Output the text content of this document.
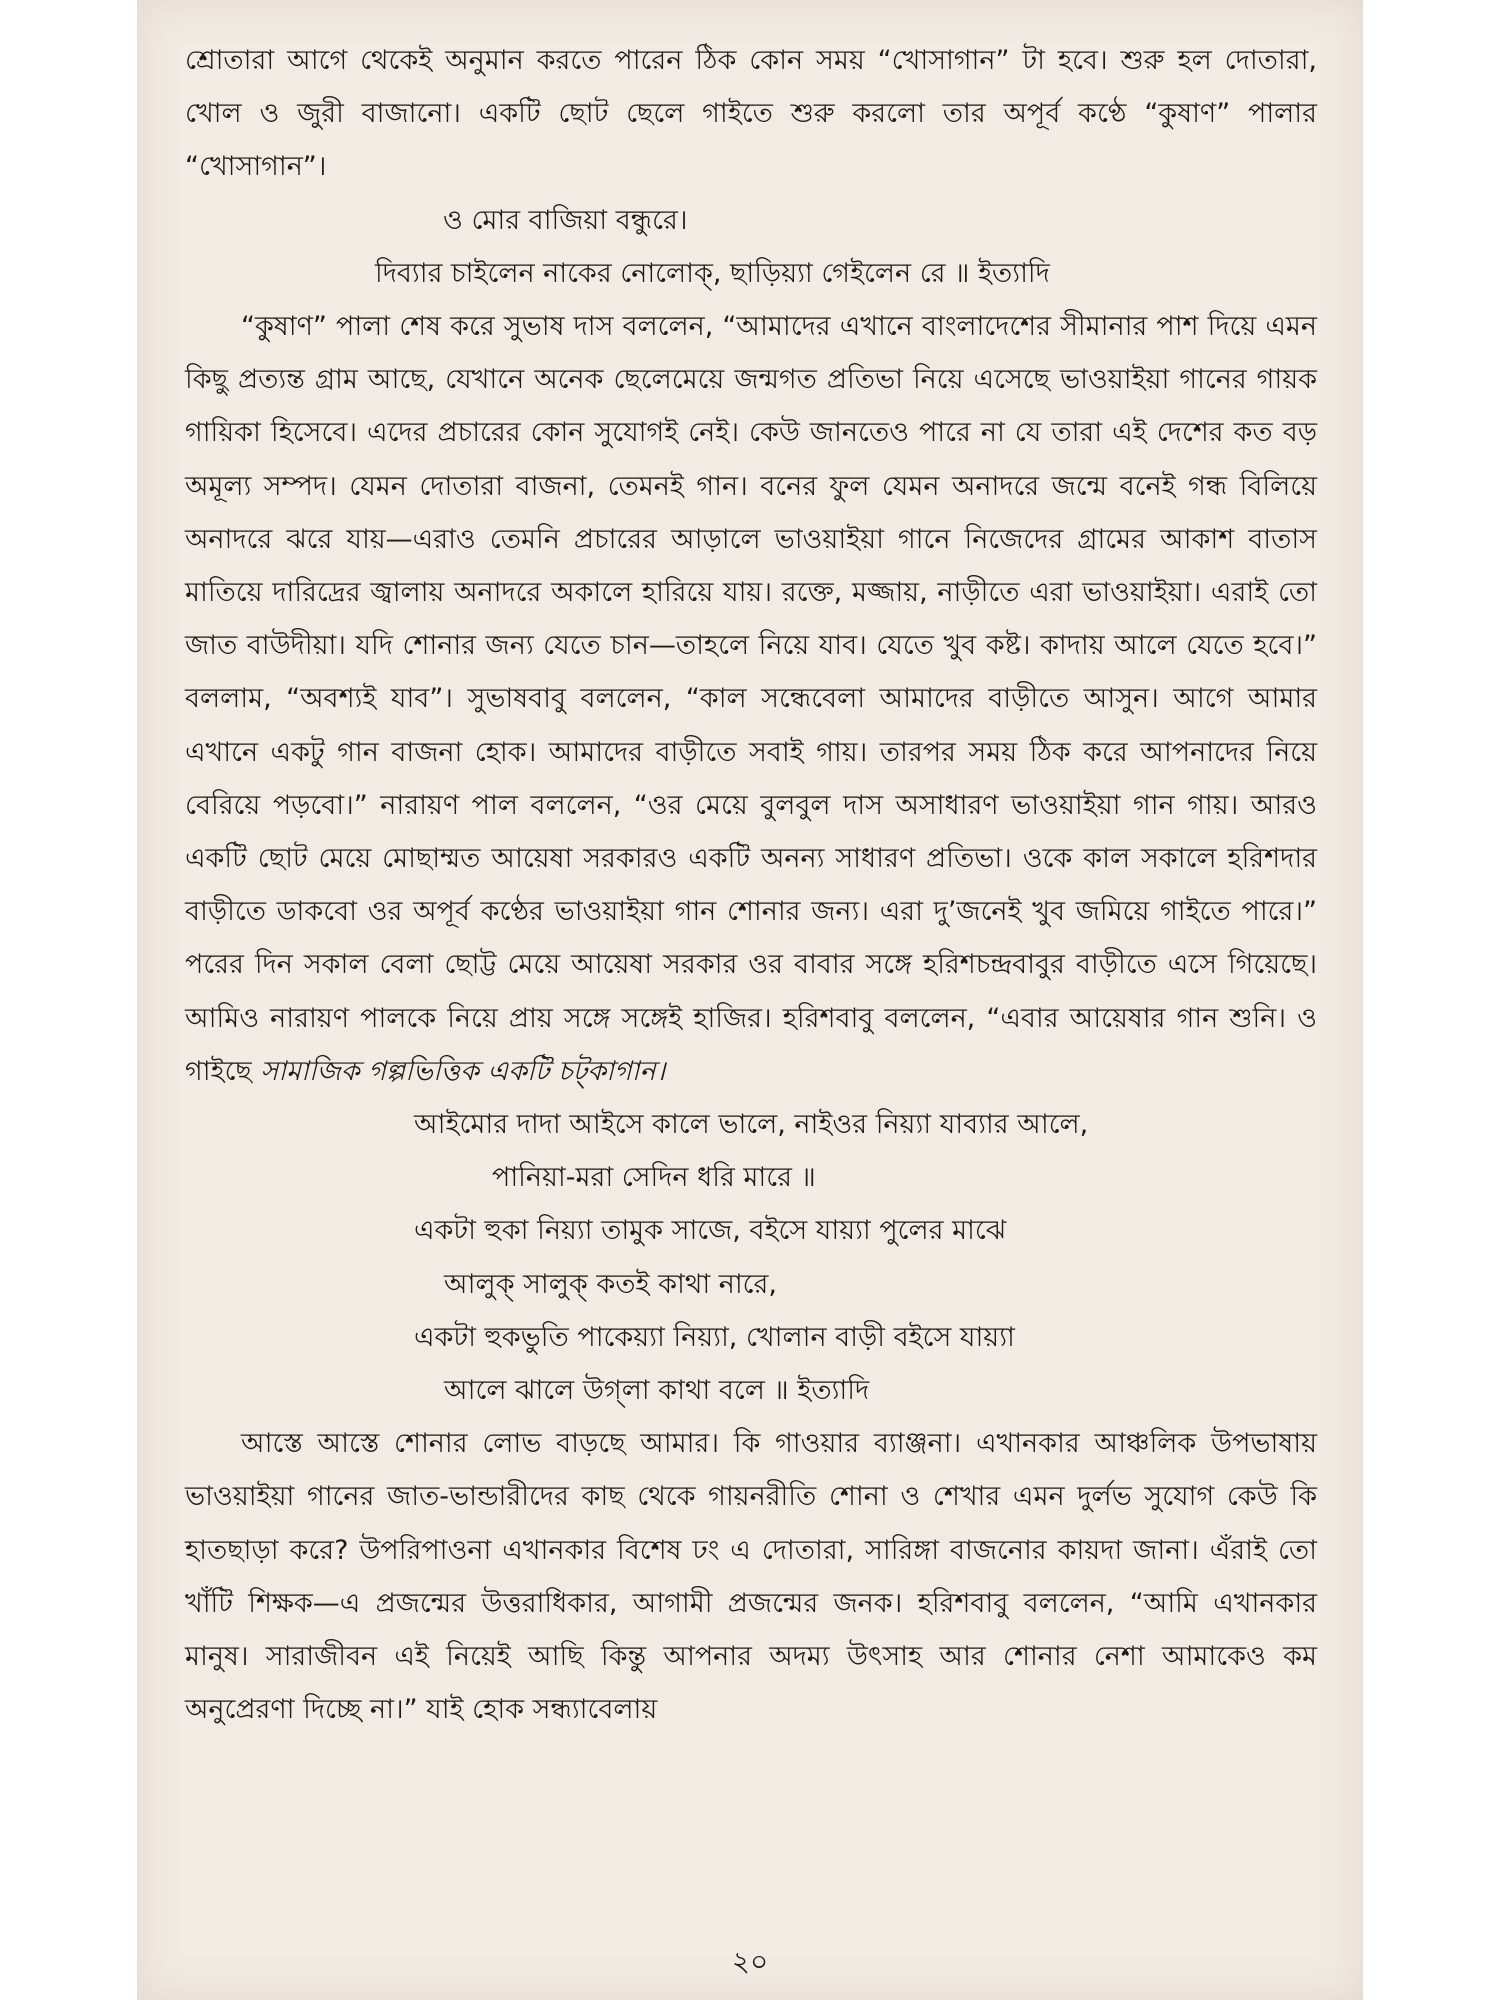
শ্রোতারা আগে থেকেই অনুমান করতে পারেন ঠিক কোন সময় “খোসাগান” টা হবে। শুরু হল দোতারা, খোল ও জুরী বাজানো। একটি ছোট ছেলে গাইতে শুরু করলো তার অপূর্ব কণ্ঠে “কুষাণ” পালার “খোসাগান”।

ও মোর বাজিয়া বন্ধুরে।

দিব্যার চাইলেন নাকের নোলোক্‌, ছাড়িয়্যা গেইলেন রে ॥ ইত্যাদি

“কুষাণ” পালা শেষ করে সুভাষ দাস বললেন, “আমাদের এখানে বাংলাদেশের সীমানার পাশ দিয়ে এমন কিছু প্রত্যন্ত গ্রাম আছে, যেখানে অনেক ছেলেমেয়ে জন্মগত প্রতিভা নিয়ে এসেছে ভাওয়াইয়া গানের গায়ক গায়িকা হিসেবে। এদের প্রচারের কোন সুযোগই নেই। কেউ জানতেও পারে না যে তারা এই দেশের কত বড় অমূল্য সম্পদ। যেমন দোতারা বাজনা, তেমনই গান। বনের ফুল যেমন অনাদরে জন্মে বনেই গন্ধ বিলিয়ে অনাদরে ঝরে যায়—এরাও তেমনি প্রচারের আড়ালে ভাওয়াইয়া গানে নিজেদের গ্রামের আকাশ বাতাস মাতিয়ে দারিদ্রের জ্বালায় অনাদরে অকালে হারিয়ে যায়। রক্তে, মজ্জায়, নাড়ীতে এরা ভাওয়াইয়া। এরাই তো জাত বাউদীয়া। যদি শোনার জন্য যেতে চান—তাহলে নিয়ে যাব। যেতে খুব কষ্ট। কাদায় আলে যেতে হবে।” বললাম, “অবশ্যই যাব”। সুভাষবাবু বললেন, “কাল সন্ধেবেলা আমাদের বাড়ীতে আসুন। আগে আমার এখানে একটু গান বাজনা হোক। আমাদের বাড়ীতে সবাই গায়। তারপর সময় ঠিক করে আপনাদের নিয়ে বেরিয়ে পড়বো।” নারায়ণ পাল বললেন, “ওর মেয়ে বুলবুল দাস অসাধারণ ভাওয়াইয়া গান গায়। আরও একটি ছোট মেয়ে মোছাম্মত আয়েষা সরকারও একটি অনন্য সাধারণ প্রতিভা। ওকে কাল সকালে হরিশদার বাড়ীতে ডাকবো ওর অপূর্ব কণ্ঠের ভাওয়াইয়া গান শোনার জন্য। এরা দু’জনেই খুব জমিয়ে গাইতে পারে।” পরের দিন সকাল বেলা ছোট্ট মেয়ে আয়েষা সরকার ওর বাবার সঙ্গে হরিশচন্দ্রবাবুর বাড়ীতে এসে গিয়েছে। আমিও নারায়ণ পালকে নিয়ে প্রায় সঙ্গে সঙ্গেই হাজির। হরিশবাবু বললেন, “এবার আয়েষার গান শুনি। ও গাইছে সামাজিক গল্পভিত্তিক একটি চট্‌কাগান।

আইমোর দাদা আইসে কালে ভালে, নাইওর নিয়্যা যাব্যার আলে,

পানিয়া-মরা সেদিন ধরি মারে ॥

একটা হুকা নিয়্যা তামুক সাজে, বইসে যায়্যা পুলের মাঝে

আলুক্‌ সালুক্‌ কতই কাথা নারে,

একটা হুকভুতি পাকেয়্যা নিয়্যা, খোলান বাড়ী বইসে যায়্যা

আলে ঝালে উগ্‌লা কাথা বলে ॥ ইত্যাদি

আস্তে আস্তে শোনার লোভ বাড়ছে আমার। কি গাওয়ার ব্যাঞ্জনা। এখানকার আঞ্চলিক উপভাষায় ভাওয়াইয়া গানের জাত-ভান্ডারীদের কাছ থেকে গায়নরীতি শোনা ও শেখার এমন দুর্লভ সুযোগ কেউ কি হাতছাড়া করে? উপরিপাওনা এখানকার বিশেষ ঢং এ দোতারা, সারিঙ্গা বাজনোর কায়দা জানা। এঁরাই তো খাঁটি শিক্ষক—এ প্রজন্মের উত্তরাধিকার, আগামী প্রজন্মের জনক। হরিশবাবু বললেন, “আমি এখানকার মানুষ। সারাজীবন এই নিয়েই আছি কিন্তু আপনার অদম্য উৎসাহ আর শোনার নেশা আমাকেও কম অনুপ্রেরণা দিচ্ছে না।” যাই হোক সন্ধ্যাবেলায়

২০
